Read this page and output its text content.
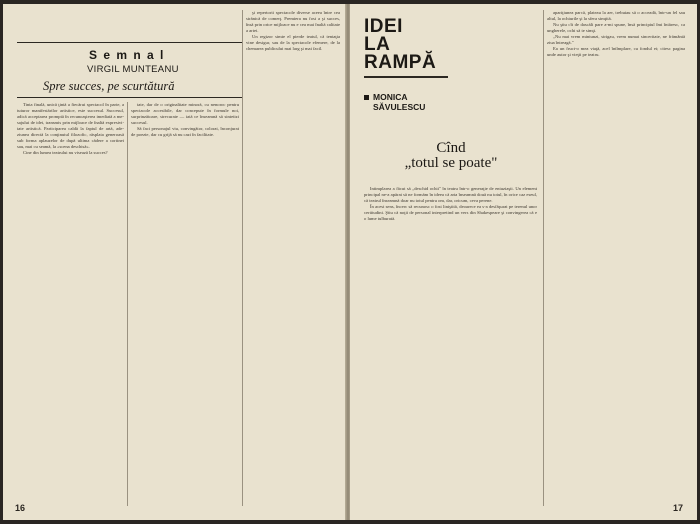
S e m n a l
VIRGIL MUNTEANU
Spre succes, pe scurtătură

Tinta finală, unică ţintă a fiecărui spectacol în parte, a tuturor manifestărilor artistice, este succesul. Succesul, adică acceptarea promptă în recunoaşterea imediată a mesajului de idei, transmis prin mijloace de înaltă expresivitate artistică. Participarea caldă la faptul de artă, adeziunea directă la conţinutul filozofic, răsplata generoasă sub forma aplauzelor de după ultima cădere a cortinei sau, mai cu seamă, la «scena deschisă».

Cine din lumea teatrului nu visează la succes?

tate, dar de o originalitate minoră, cu nenoroc pentru spectacole accesibile, dar concepute în formule noi, surprinzătoare, strecurate — iată ce înseamnă să sintetizi succesul.

Să faci personajul viu, convingător, colorat, înconjurat de poezie, dar cu grijă să nu cazi în facilitate.

şi repertorii spectacole diverse aceea între cea strănică de comerţ. Premiera nu fost a şi succes, însă prin orice mijloace nu e cea mai înaltă calitate a artei.

Un regizor simte el pierde teatul, că tentaţia vine desigur, sau de la spectacole efemere, de la chemarea publicului mai larg şi mai facil.

16
IDEI
LA
RAMPĂ
MONICA
SĂVULESCU
Cînd
„totul se poate"

Intimplarea a făcut să „deschid ochii" în teatru într-o generaţie de entuziaşti. Un element principal ne-a apărat să ne formăm în ideea că arta înseamnă două nu totul, în orice caz eseul, că teatrul înseamnă doar nu totul pentru om, dar, oricum, ceva perene.

În acest sens, încerc să recunosc o fost liniştită, deoarece ea s-a desfăşurat pe terenul unor certitudini. Ştiu că noţii de personal interpretind un vers din Shakespeare şi convingerea că e o lume tulburată.

apariţiunea parcă, plateau la aer, trebuiau să o acceadă, într-un fel sau altul, la ochiurile şi la sfera simţită.

Nu ştiu cît de dascăli pare a-mi spune, însă principiul îmi întăresc, ca ungherele, ochi să te simţi.

„Nu mai vrem miniunzi, strigau, vrem numai sinceritate, ne frământă ziua întreagă."

Ea un fruct-o mea viaţă, acel întîmplare, cu fondul ei; citesc pagina unde autor şi vieţii pe teatru.

17
